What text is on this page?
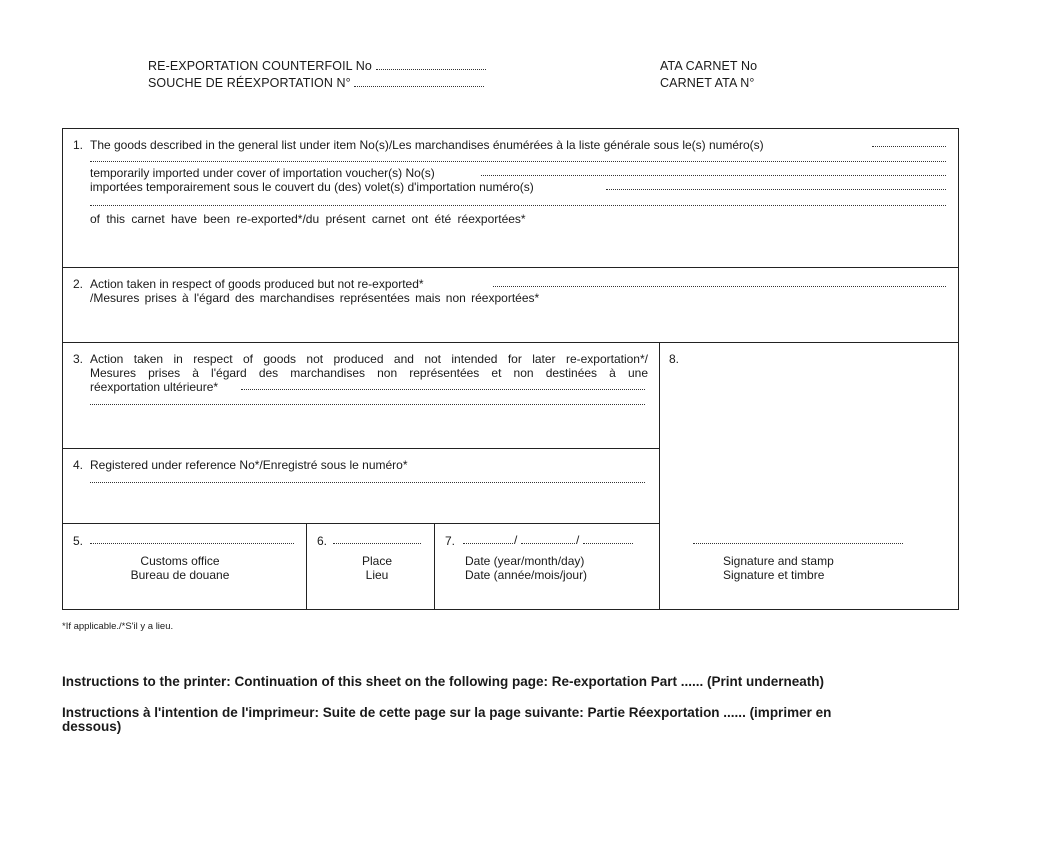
RE-EXPORTATION COUNTERFOIL No
SOUCHE DE RÉEXPORTATION N°
ATA CARNET No
CARNET ATA N°
1. The goods described in the general list under item No(s)/Les marchandises énumérées à la liste générale sous le(s) numéro(s)
temporarily imported under cover of importation voucher(s) No(s)
importées temporairement sous le couvert du (des) volet(s) d'importation numéro(s)
of this carnet have been re-exported*/du présent carnet ont été réexportées*
2. Action taken in respect of goods produced but not re-exported*
/Mesures prises à l'égard des marchandises représentées mais non réexportées*
3. Action taken in respect of goods not produced and not intended for later re-exportation*/
Mesures prises à l'égard des marchandises non représentées et non destinées à une
réexportation ultérieure*
4. Registered under reference No*/Enregistré sous le numéro*
5.
Customs office
Bureau de douane
6.
Place
Lieu
7.	/	/
Date (year/month/day)
Date (année/mois/jour)
8.
Signature and stamp
Signature et timbre
*If applicable./*S'il y a lieu.
Instructions to the printer: Continuation of this sheet on the following page: Re-exportation Part ...... (Print underneath)
Instructions à l'intention de l'imprimeur: Suite de cette page sur la page suivante: Partie Réexportation ...... (imprimer en
dessous)
